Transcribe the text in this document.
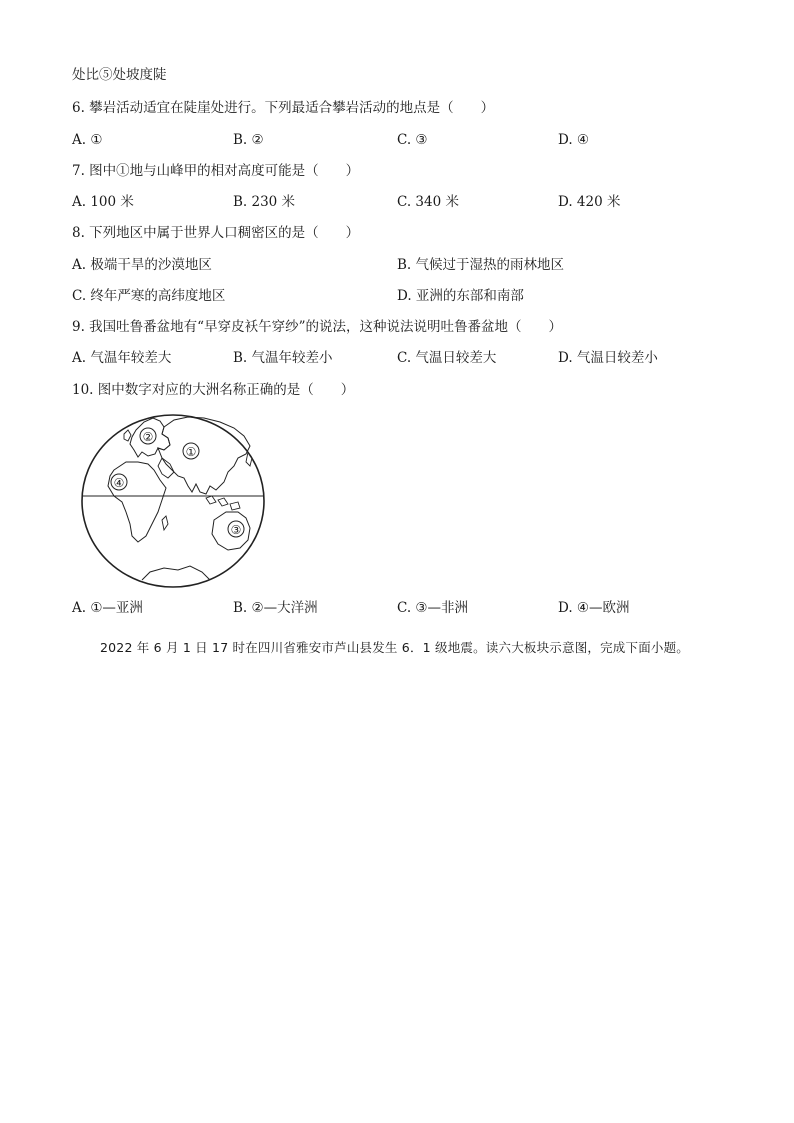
处比⑤处坡度陡
6. 攀岩活动适宜在陡崖处进行。下列最适合攀岩活动的地点是（　　）
A. ①	B. ②	C. ③	D. ④
7. 图中①地与山峰甲的相对高度可能是（　　）
A. 100 米	B. 230 米	C. 340 米	D. 420 米
8. 下列地区中属于世界人口稠密区的是（　　）
A. 极端干旱的沙漠地区	B. 气候过于湿热的雨林地区
C. 终年严寒的高纬度地区	D. 亚洲的东部和南部
9. 我国吐鲁番盆地有“早穿皮袄午穿纱”的说法，这种说法说明吐鲁番盆地（　　）
A. 气温年较差大	B. 气温年较差小	C. 气温日较差大	D. 气温日较差小
10. 图中数字对应的大洲名称正确的是（　　）
①
②
③
④
A. ①—亚洲	B. ②—大洋洲	C. ③—非洲	D. ④—欧洲
2022 年 6 月 1 日 17 时在四川省雅安市芦山县发生 6．1 级地震。读六大板块示意图，完成下面小题。
